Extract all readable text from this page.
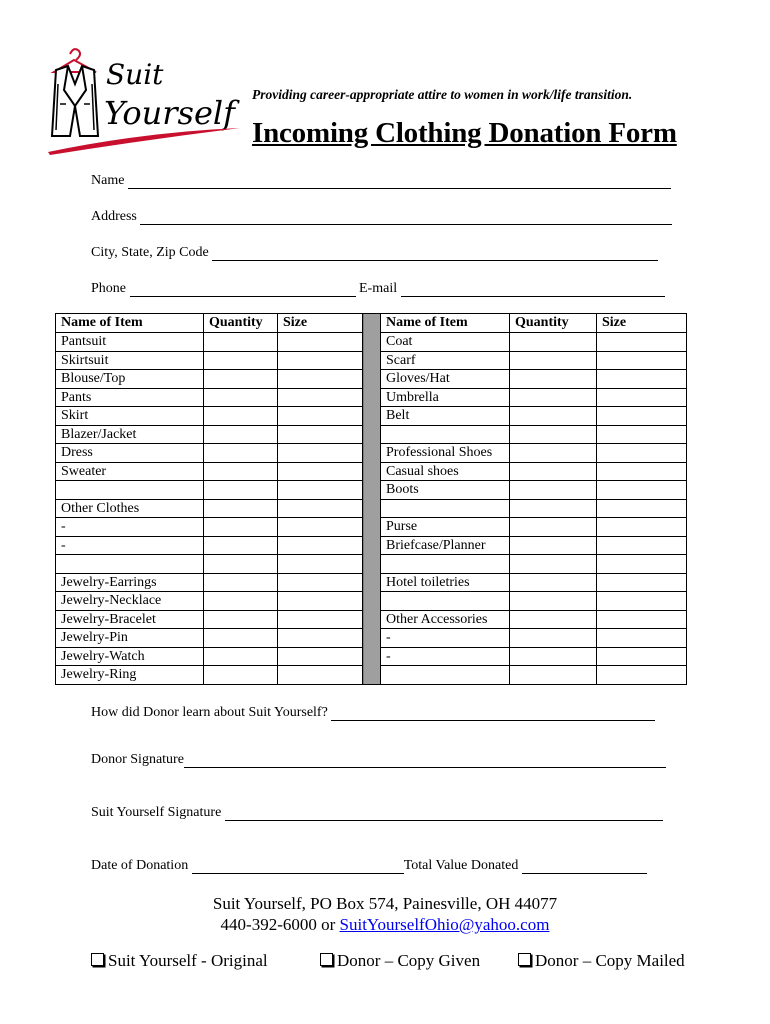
Suit
Yourself	Providing career-appropriate attire to women in work/life transition.
Incoming Clothing Donation Form
Name
Address
City, State, Zip Code
Phone	E-mail
Name of Item	Quantity	Size		Name of Item	Quantity	Size
Pantsuit				Coat		
Skirtsuit				Scarf		
Blouse/Top				Gloves/Hat		
Pants				Umbrella		
Skirt				Belt		
Blazer/Jacket						
Dress				Professional Shoes		
Sweater				Casual shoes		
				Boots		
Other Clothes						
-				Purse		
-				Briefcase/Planner		

Jewelry-Earrings				Hotel toiletries		
Jewelry-Necklace						
Jewelry-Bracelet				Other Accessories		
Jewelry-Pin				-		
Jewelry-Watch				-		
Jewelry-Ring						
How did Donor learn about Suit Yourself?
Donor Signature
Suit Yourself Signature
Date of Donation	Total Value Donated
Suit Yourself, PO Box 574, Painesville, OH 44077
440-392-6000 or SuitYourselfOhio@yahoo.com
Suit Yourself - Original	Donor – Copy Given	Donor – Copy Mailed
